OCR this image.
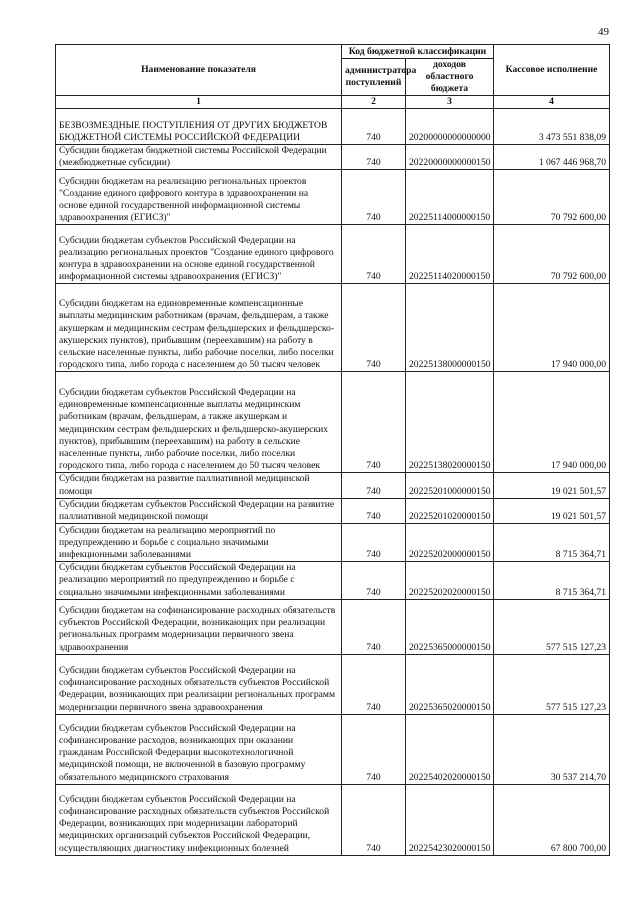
49
Наименование показателя	Код бюджетной классификации		Кассовое исполнение
	администратора поступлений	доходов областного бюджета	
1	2	3	4
БЕЗВОЗМЕЗДНЫЕ ПОСТУПЛЕНИЯ ОТ ДРУГИХ БЮДЖЕТОВ БЮДЖЕТНОЙ СИСТЕМЫ РОССИЙСКОЙ ФЕДЕРАЦИИ	740	20200000000000000	3 473 551 838,09
Субсидии бюджетам бюджетной системы Российской Федерации (межбюджетные субсидии)	740	20220000000000150	1 067 446 968,70
Субсидии бюджетам на реализацию региональных проектов "Создание единого цифрового контура в здравоохранении на основе единой государственной информационной системы здравоохранения (ЕГИСЗ)"	740	20225114000000150	70 792 600,00
Субсидии бюджетам субъектов Российской Федерации на реализацию региональных проектов "Создание единого цифрового контура в здравоохранении на основе единой государственной информационной системы здравоохранения (ЕГИСЗ)"	740	20225114020000150	70 792 600,00
Субсидии бюджетам на единовременные компенсационные выплаты медицинским работникам (врачам, фельдшерам, а также акушеркам и медицинским сестрам фельдшерских и фельдшерско-акушерских пунктов), прибывшим (переехавшим) на работу в сельские населенные пункты, либо рабочие поселки, либо поселки городского типа, либо города с населением до 50 тысяч человек	740	20225138000000150	17 940 000,00
Субсидии бюджетам субъектов Российской Федерации на единовременные компенсационные выплаты медицинским работникам (врачам, фельдшерам, а также акушеркам и медицинским сестрам фельдшерских и фельдшерско-акушерских пунктов), прибывшим (переехавшим) на работу в сельские населенные пункты, либо рабочие поселки, либо поселки городского типа, либо города с населением до 50 тысяч человек	740	20225138020000150	17 940 000,00
Субсидии бюджетам на развитие паллиативной медицинской помощи	740	20225201000000150	19 021 501,57
Субсидии бюджетам субъектов Российской Федерации на развитие паллиативной медицинской помощи	740	20225201020000150	19 021 501,57
Субсидии бюджетам на реализацию мероприятий по предупреждению и борьбе с социально значимыми инфекционными заболеваниями	740	20225202000000150	8 715 364,71
Субсидии бюджетам субъектов Российской Федерации на реализацию мероприятий по предупреждению и борьбе с социально значимыми инфекционными заболеваниями	740	20225202020000150	8 715 364,71
Субсидии бюджетам на софинансирование расходных обязательств субъектов Российской Федерации, возникающих при реализации региональных программ модернизации первичного звена здравоохранения	740	20225365000000150	577 515 127,23
Субсидии бюджетам субъектов Российской Федерации на софинансирование расходных обязательств субъектов Российской Федерации, возникающих при реализации региональных программ модернизации первичного звена здравоохранения	740	20225365020000150	577 515 127,23
Субсидии бюджетам субъектов Российской Федерации на софинансирование расходов, возникающих при оказании гражданам Российской Федерации высокотехнологичной медицинской помощи, не включенной в базовую программу обязательного медицинского страхования	740	20225402020000150	30 537 214,70
Субсидии бюджетам субъектов Российской Федерации на софинансирование расходных обязательств субъектов Российской Федерации, возникающих при модернизации лабораторий медицинских организаций субъектов Российской Федерации, осуществляющих диагностику инфекционных болезней	740	20225423020000150	67 800 700,00
